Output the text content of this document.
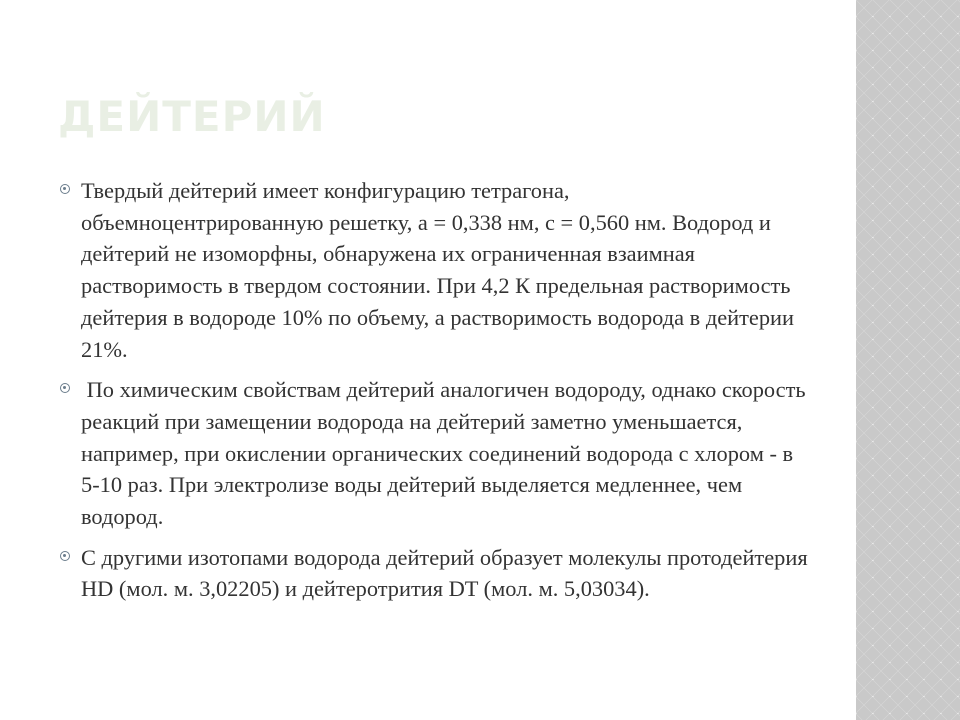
ДЕЙТЕРИЙ
Твердый дейтерий имеет конфигурацию тетрагона, объемноцентрированную решетку, а = 0,338 нм, с = 0,560 нм. Водород и дейтерий не изоморфны, обнаружена их ограниченная взаимная растворимость в твердом состоянии. При 4,2 К предельная растворимость дейтерия в водороде 10% по объему, а растворимость водорода в дейтерии 21%.
По химическим свойствам дейтерий аналогичен водороду, однако скорость реакций при замещении водорода на дейтерий заметно уменьшается, например, при окислении органических соединений водорода с хлором - в 5-10 раз. При электролизе воды дейтерий выделяется медленнее, чем водород.
С другими изотопами водорода дейтерий образует молекулы протодейтерия HD (мол. м. 3,02205) и дейтеротрития DT (мол. м. 5,03034).
